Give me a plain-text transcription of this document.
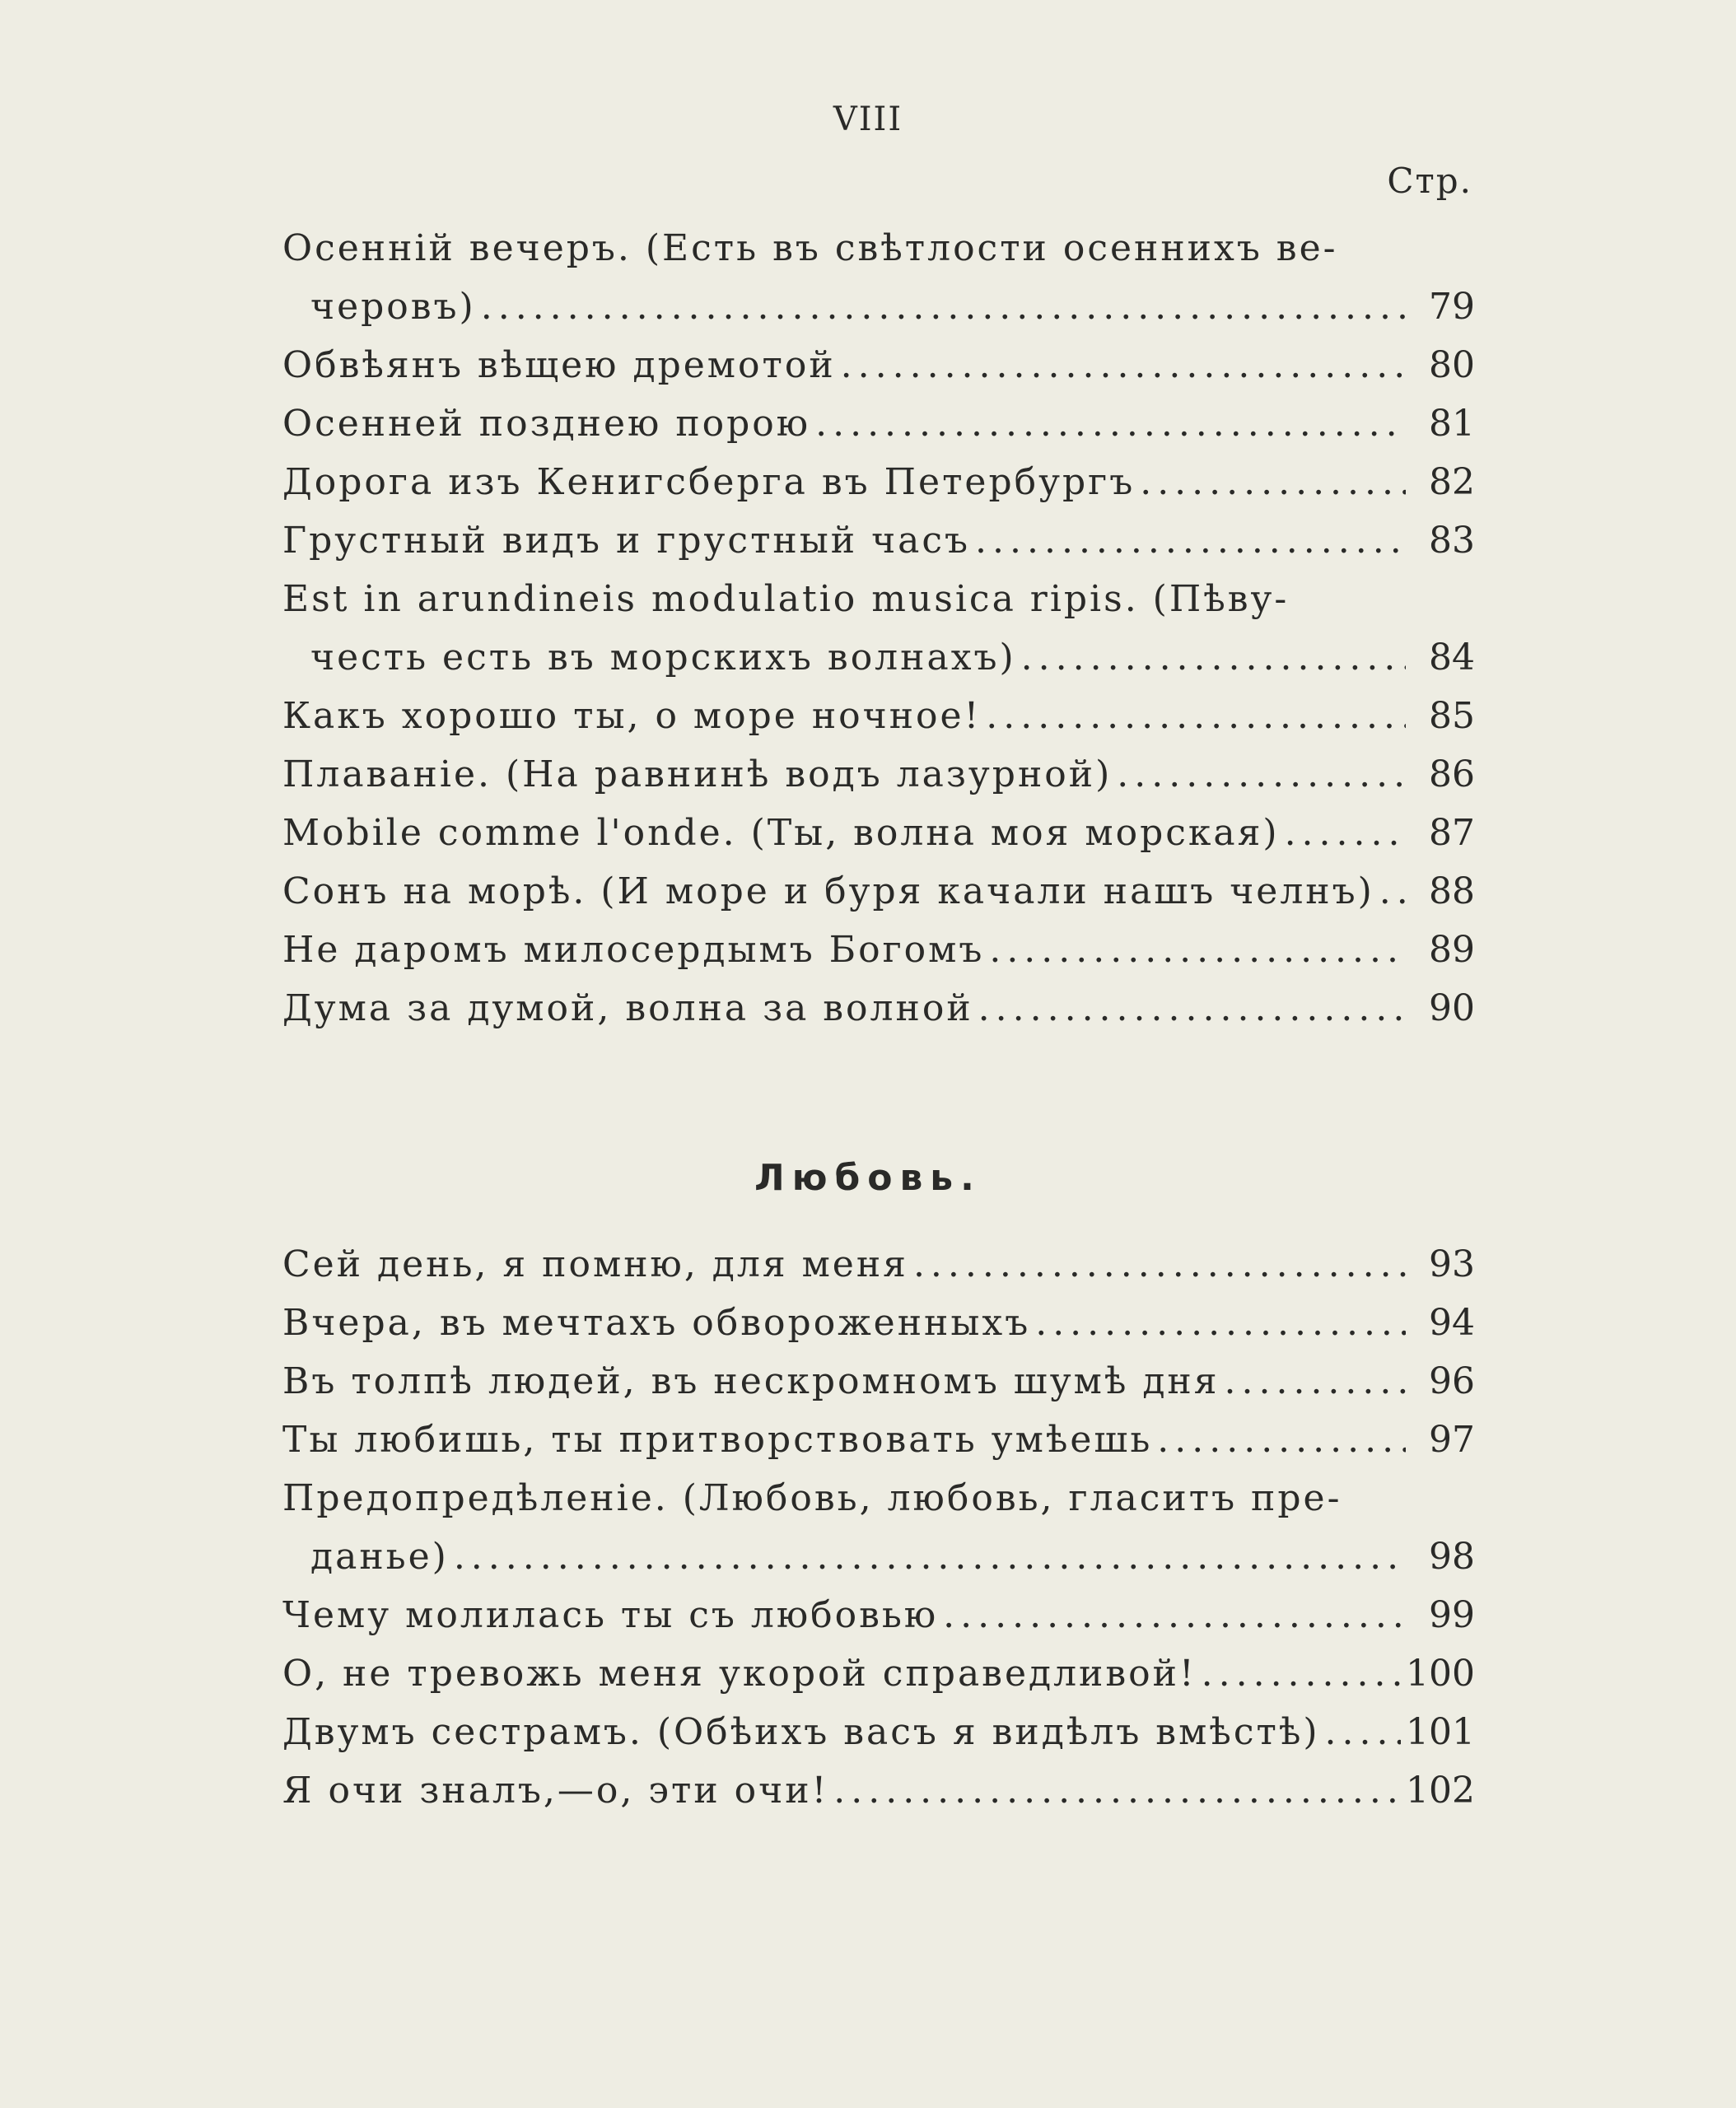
VIII
Стр.
Осенній вечеръ. (Есть въ свѣтлости осеннихъ ве-
черовъ) .....	79
Обвѣянъ вѣщею дремотой .....	80
Осенней позднею порою .....	81
Дорога изъ Кенигсберга въ Петербургъ .....	82
Грустный видъ и грустный часъ .....	83
Est in arundineis modulatio musica ripis. (Пѣву-
честь есть въ морскихъ волнахъ) .....	84
Какъ хорошо ты, о море ночное! .....	85
Плаваніе. (На равнинѣ водъ лазурной) .....	86
Mobile comme l'onde. (Ты, волна моя морская) .....	87
Сонъ на морѣ. (И море и буря качали нашъ челнъ) .....	88
Не даромъ милосердымъ Богомъ .....	89
Дума за думой, волна за волной .....	90
Любовь.
Сей день, я помню, для меня .....	93
Вчера, въ мечтахъ обвороженныхъ .....	94
Въ толпѣ людей, въ нескромномъ шумѣ дня .....	96
Ты любишь, ты притворствовать умѣешь .....	97
Предопредѣленіе. (Любовь, любовь, гласитъ пре-
данье) .....	98
Чему молилась ты съ любовью .....	99
О, не тревожь меня укорой справедливой! .....	100
Двумъ сестрамъ. (Обѣихъ васъ я видѣлъ вмѣстѣ) ..... 101
Я очи зналъ,—о, эти очи! .....	102
